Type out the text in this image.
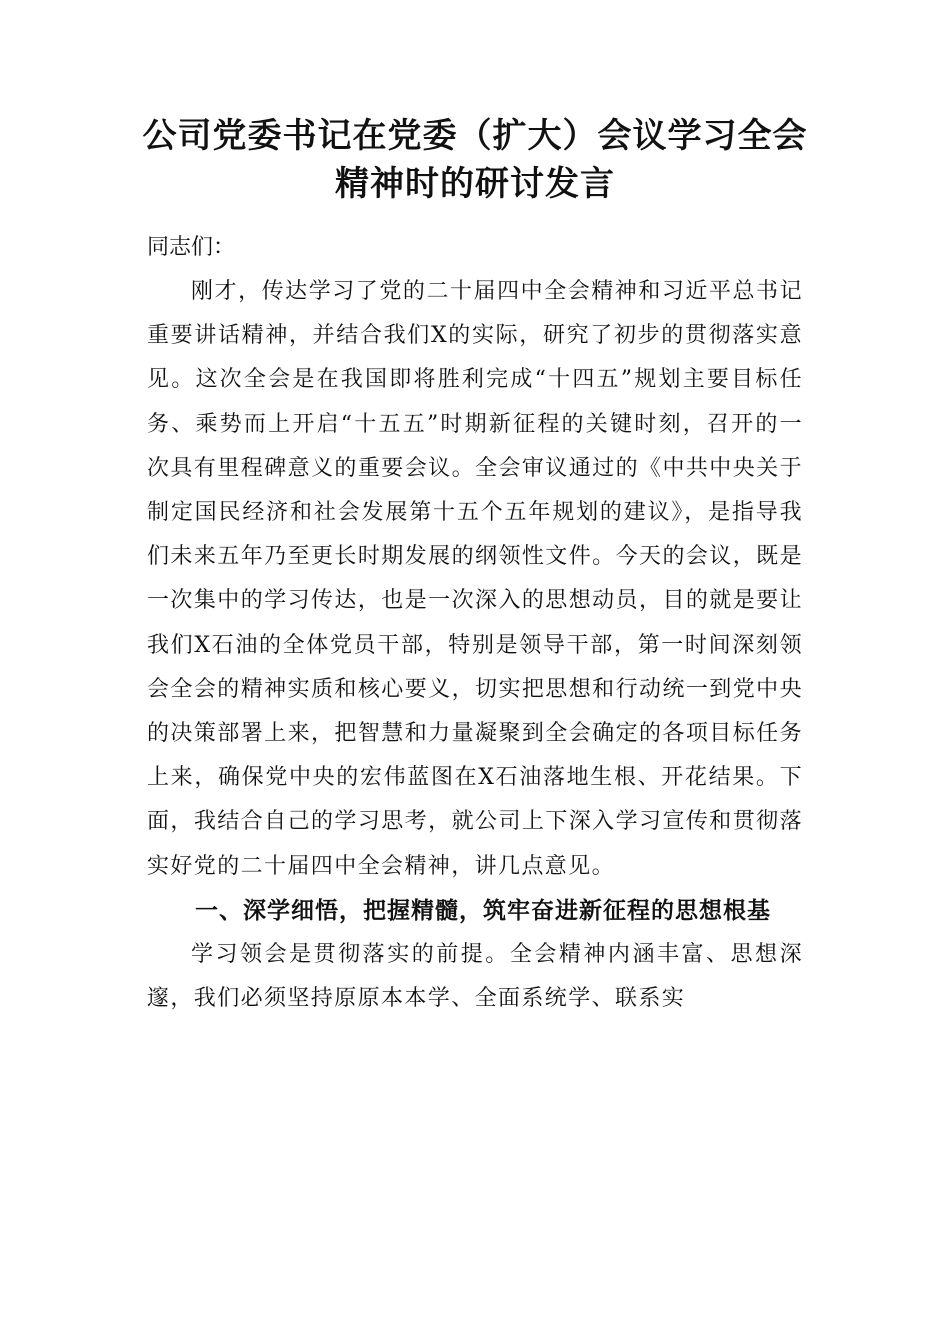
公司党委书记在党委（扩大）会议学习全会精神时的研讨发言

同志们：

刚才，传达学习了党的二十届四中全会精神和习近平总书记重要讲话精神，并结合我们X的实际，研究了初步的贯彻落实意见。这次全会是在我国即将胜利完成“十四五”规划主要目标任务、乘势而上开启“十五五”时期新征程的关键时刻，召开的一次具有里程碑意义的重要会议。全会审议通过的《中共中央关于制定国民经济和社会发展第十五个五年规划的建议》，是指导我们未来五年乃至更长时期发展的纲领性文件。今天的会议，既是一次集中的学习传达，也是一次深入的思想动员，目的就是要让我们X石油的全体党员干部，特别是领导干部，第一时间深刻领会全会的精神实质和核心要义，切实把思想和行动统一到党中央的决策部署上来，把智慧和力量凝聚到全会确定的各项目标任务上来，确保党中央的宏伟蓝图在X石油落地生根、开花结果。下面，我结合自己的学习思考，就公司上下深入学习宣传和贯彻落实好党的二十届四中全会精神，讲几点意见。

一、深学细悟，把握精髓，筑牢奋进新征程的思想根基

学习领会是贯彻落实的前提。全会精神内涵丰富、思想深邃，我们必须坚持原原本本学、全面系统学、联系实
